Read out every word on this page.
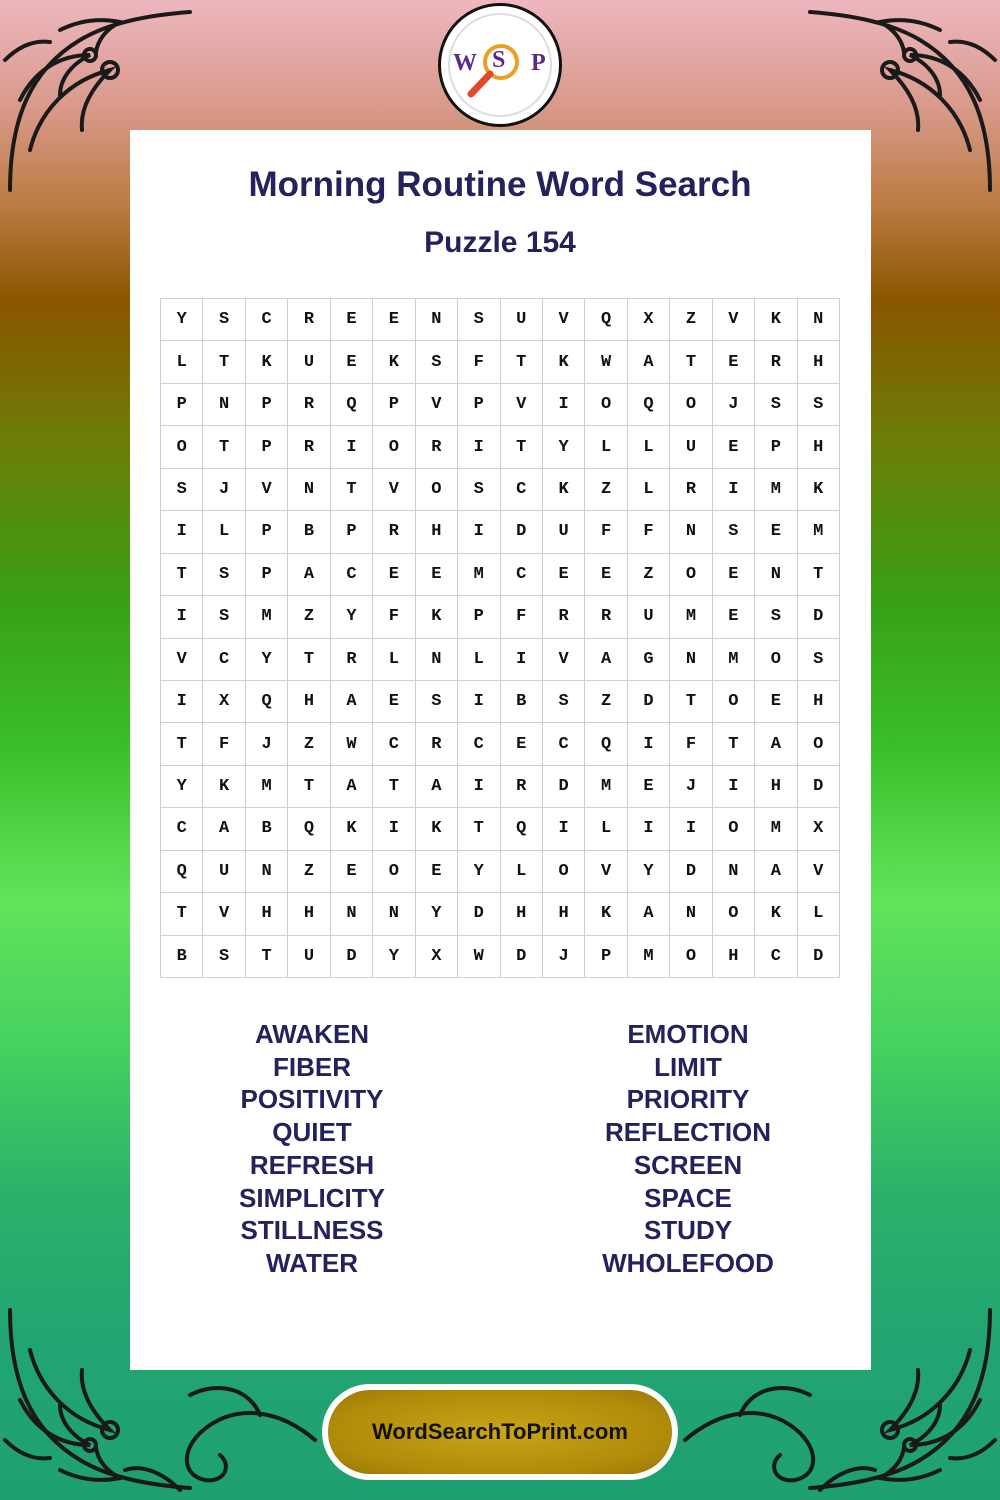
W S P
Morning Routine Word Search
Puzzle 154
Y	S	C	R	E	E	N	S	U	V	Q	X	Z	V	K	N
L	T	K	U	E	K	S	F	T	K	W	A	T	E	R	H
P	N	P	R	Q	P	V	P	V	I	O	Q	O	J	S	S
O	T	P	R	I	O	R	I	T	Y	L	L	U	E	P	H
S	J	V	N	T	V	O	S	C	K	Z	L	R	I	M	K
I	L	P	B	P	R	H	I	D	U	F	F	N	S	E	M
T	S	P	A	C	E	E	M	C	E	E	Z	O	E	N	T
I	S	M	Z	Y	F	K	P	F	R	R	U	M	E	S	D
V	C	Y	T	R	L	N	L	I	V	A	G	N	M	O	S
I	X	Q	H	A	E	S	I	B	S	Z	D	T	O	E	H
T	F	J	Z	W	C	R	C	E	C	Q	I	F	T	A	O
Y	K	M	T	A	T	A	I	R	D	M	E	J	I	H	D
C	A	B	Q	K	I	K	T	Q	I	L	I	I	O	M	X
Q	U	N	Z	E	O	E	Y	L	O	V	Y	D	N	A	V
T	V	H	H	N	N	Y	D	H	H	K	A	N	O	K	L
B	S	T	U	D	Y	X	W	D	J	P	M	O	H	C	D
AWAKEN
FIBER
POSITIVITY
QUIET
REFRESH
SIMPLICITY
STILLNESS
WATER
EMOTION
LIMIT
PRIORITY
REFLECTION
SCREEN
SPACE
STUDY
WHOLEFOOD
WordSearchToPrint.com
